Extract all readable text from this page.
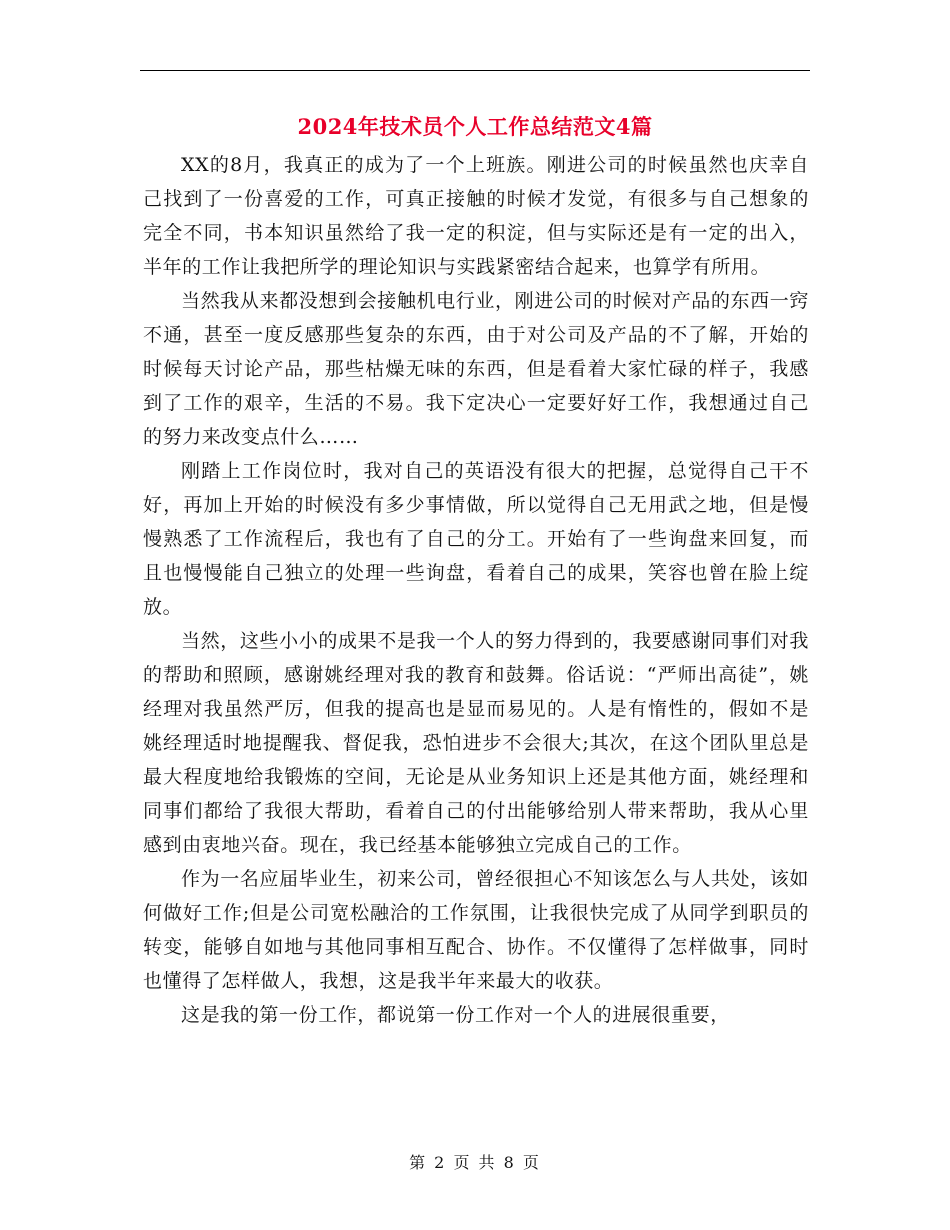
2024年技术员个人工作总结范文4篇

XX的8月，我真正的成为了一个上班族。刚进公司的时候虽然也庆幸自己找到了一份喜爱的工作，可真正接触的时候才发觉，有很多与自己想象的完全不同，书本知识虽然给了我一定的积淀，但与实际还是有一定的出入，半年的工作让我把所学的理论知识与实践紧密结合起来，也算学有所用。

当然我从来都没想到会接触机电行业，刚进公司的时候对产品的东西一窍不通，甚至一度反感那些复杂的东西，由于对公司及产品的不了解，开始的时候每天讨论产品，那些枯燥无味的东西，但是看着大家忙碌的样子，我感到了工作的艰辛，生活的不易。我下定决心一定要好好工作，我想通过自己的努力来改变点什么……

刚踏上工作岗位时，我对自己的英语没有很大的把握，总觉得自己干不好，再加上开始的时候没有多少事情做，所以觉得自己无用武之地，但是慢慢熟悉了工作流程后，我也有了自己的分工。开始有了一些询盘来回复，而且也慢慢能自己独立的处理一些询盘，看着自己的成果，笑容也曾在脸上绽放。

当然，这些小小的成果不是我一个人的努力得到的，我要感谢同事们对我的帮助和照顾，感谢姚经理对我的教育和鼓舞。俗话说：“严师出高徒”，姚经理对我虽然严厉，但我的提高也是显而易见的。人是有惰性的，假如不是姚经理适时地提醒我、督促我，恐怕进步不会很大;其次，在这个团队里总是最大程度地给我锻炼的空间，无论是从业务知识上还是其他方面，姚经理和同事们都给了我很大帮助，看着自己的付出能够给别人带来帮助，我从心里感到由衷地兴奋。现在，我已经基本能够独立完成自己的工作。

作为一名应届毕业生，初来公司，曾经很担心不知该怎么与人共处，该如何做好工作;但是公司宽松融洽的工作氛围，让我很快完成了从同学到职员的转变，能够自如地与其他同事相互配合、协作。不仅懂得了怎样做事，同时也懂得了怎样做人，我想，这是我半年来最大的收获。

这是我的第一份工作，都说第一份工作对一个人的进展很重要，

第 2 页 共 8 页
